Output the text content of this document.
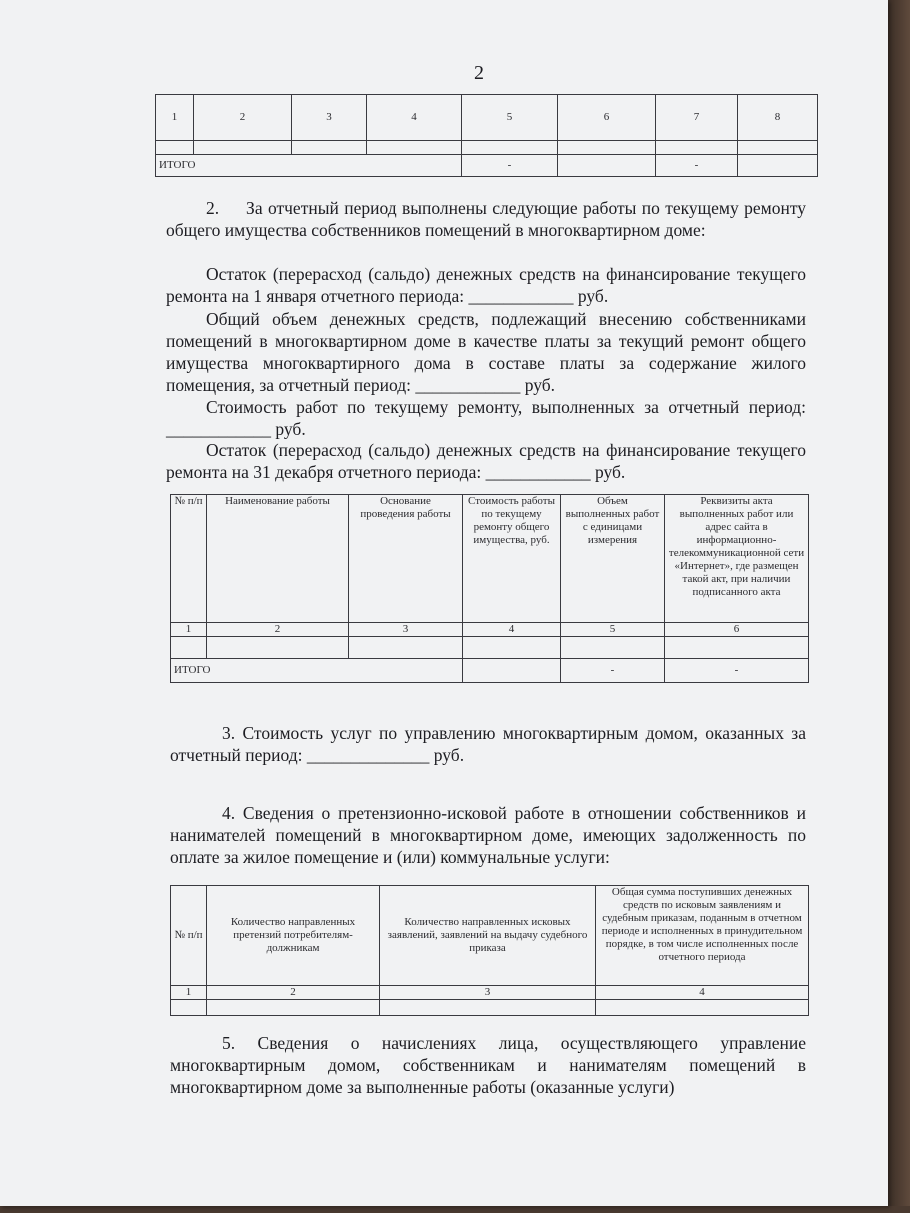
2
1	2	3	4	5	6	7	8

ИТОГО				-		-	

2. За отчетный период выполнены следующие работы по текущему ремонту общего имущества собственников помещений в многоквартирном доме:

Остаток (перерасход (сальдо) денежных средств на финансирование текущего ремонта на 1 января отчетного периода: ____________ руб.

Общий объем денежных средств, подлежащий внесению собственниками помещений в многоквартирном доме в качестве платы за текущий ремонт общего имущества многоквартирного дома в составе платы за содержание жилого помещения, за отчетный период: ____________ руб.

Стоимость работ по текущему ремонту, выполненных за отчетный период: ____________ руб.

Остаток (перерасход (сальдо) денежных средств на финансирование текущего ремонта на 31 декабря отчетного периода: ____________ руб.

№ п/п	Наименование работы	Основание проведения работы	Стоимость работы по текущему ремонту общего имущества, руб.	Объем выполненных работ с единицами измерения	Реквизиты акта выполненных работ или адрес сайта в информационно-телекоммуникационной сети «Интернет», где размещен такой акт, при наличии подписанного акта
1	2	3	4	5	6

ИТОГО				-	-

3. Стоимость услуг по управлению многоквартирным домом, оказанных за отчетный период: ______________ руб.

4. Сведения о претензионно-исковой работе в отношении собственников и нанимателей помещений в многоквартирном доме, имеющих задолженность по оплате за жилое помещение и (или) коммунальные услуги:

№ п/п	Количество направленных претензий потребителям-должникам	Количество направленных исковых заявлений, заявлений на выдачу судебного приказа	Общая сумма поступивших денежных средств по исковым заявлениям и судебным приказам, поданным в отчетном периоде и исполненных в принудительном порядке, в том числе исполненных после отчетного периода
1	2	3	4

5. Сведения о начислениях лица, осуществляющего управление многоквартирным домом, собственникам и нанимателям помещений в многоквартирном доме за выполненные работы (оказанные услуги)
